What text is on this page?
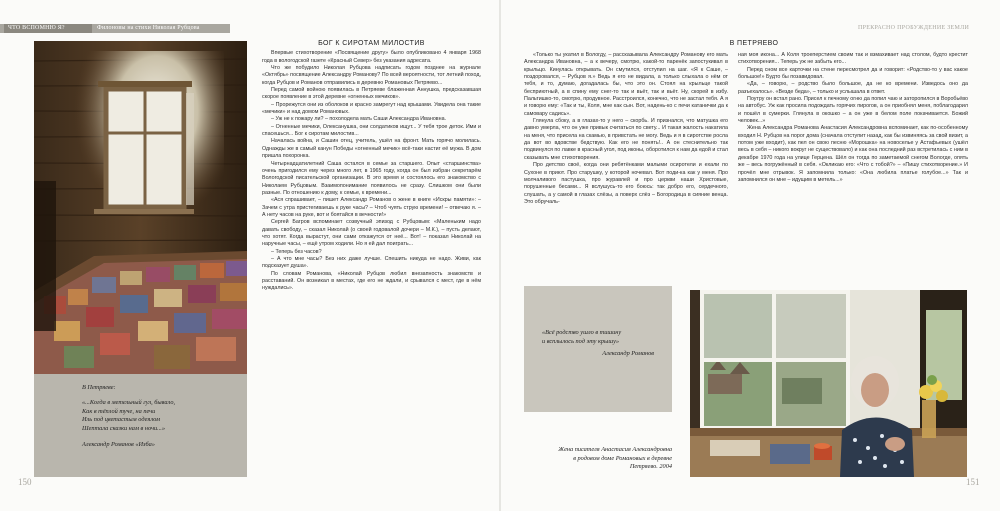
ЧТО ВСПОМНЮ Я?	Филоновы на стихи Николая Рубцова	ПРЕКРАСНО ПРОБУЖДЕНИЕ ЗЕМЛИ
В Петряеве:
«...Когда в метельный гул, бывало,
Как в тёплой туче, на печи
Иль под цветастым одеялом
Шептала сказки нам в ночи...»
Александр Романов «Изба»
150	151

БОГ К СИРОТАМ МИЛОСТИВ

Впервые стихотворение «Посвящение другу» было опубликовано 4 января 1968 года в вологодской газете «Красный Север» без указания адресата.

Что же побудило Николая Рубцова надписать годом позднее на журнале «Октябрь» посвящение Александру Романову? По всей вероятности, тот летний поход, когда Рубцов и Романов отправились в деревню Романовых Петряево...

Перед самой войною появилась в Петряеве блаженная Аннушка, предсказавшая скорое появление в этой деревне «огненных мечиков».

– Прорежутся они из оболоков и красно замрегут над крышами. Увидела она такие «мечики» и над домом Романовых.

– Уж не к пожару ли? – похолодела мать Саши Александра Ивановна.

– Огненные мечики, Олексанушка, они солдатиков ищут... У тебя трое деток. Ими и спасешься... Бог к сиротам милостив...

Началась война, и Сашин отец, учитель, ушёл на фронт. Мать горячо молилась. Однажды же в самый канун Победы «огненный мечик» всё-таки настиг её мужа. В дом пришла похоронка.

Четырнадцатилетний Саша остался в семье за старшего. Опыт «старшинства» очень пригодился ему через много лет, в 1965 году, когда он был избран секретарём Вологодской писательской организации. В это время и состоялось его знакомство с Николаем Рубцовым. Взаимопонимание появилось не сразу. Слишком они были разные. По отношению к дому, к семье, к времени...

«Ася спрашивает, – пишет Александр Романов о жене в книге «Искры памяти»: – Зачем с утра пристегиваешь к руке часы? – Чтоб чуять струю времени! – отвечаю я. – А нету часов на руке, вот и боятайся в вечности!»

Сергей Багров вспоминает созвучный эпизод с Рубцовым: «Маленьким надо давать свободу, – сказал Николай (о своей годовалой дочери – М.К.), – пусть делают, что хотят. Когда вырастут, они сами откажутся от неё... Вот! – показал Николай на наручные часы, – ещё утром ходили. Но я ей дал поиграть...

– Теперь без часов?

– А что мне часы? Без них даже лучше. Спешить никуда не надо. Живи, как подсказует душа».

По словам Романова, «Николай Рубцов любил внезапность знакомств и расставаний. Он возникал в местах, где его не ждали, и срывался с мест, где в нём нуждались».

В ПЕТРЯЕВО

«Только ты укатил в Вологду, – рассказывала Александру Романову его мать Александра Ивановна, – а к вечеру, смотрю, какой-то паренёк запостукивал в крыльцо. Кинулась открывать. Он смутился, отступил на шаг. «Я к Саше, – поздоровался, – Рубцов я.» Ведь я его не видала, а только слыхала о нём от тебя, и то, думаю, догадалась бы, что это он. Стоял на крыльце такой бесприютный, а в спину ему снег-то так и вьёт, так и вьёт. Ну, скорей в избу. Пальтишко-то, смотрю, продувное. Расстроился, конечно, что не застал тебя. А я и говорю ему: «Так и ты, Коля, мне как сын. Вот, надень-ко с печи катанички да к самовару садись».

Глянула сбоку, а в глазах-то у него – скорбь. И признался, что матушка его давно умерла, что он уже привык считаться по свету... И такая жалость накатила на меня, что присела на скамью, в привстать не могу. Ведь и я в сиротстве росла да вот во вдовстве бедствую. Как его не понять!.. А он стеснительно так подвинулся по лавке в красный угол, под иконы, оборотился к нам да едой и стал сказывать мне стихотворения.

Про детство своё, когда они ребятёнками малыми осиротели и ехали по Сухоне в приют. Про старушку, у которой ночевал. Вот поди-ка как у меня. Про молчаливого пастушка, про журавлей и про церкви наши Христовые, порушенные бесами... Я вслушусь-то его боюсь: так добро его, сердечного, слушать, а у самой в глазах слёзы, а поверх слёз – Богородица в сияние венца. Это обручаль-

ная моя икона... А Коля троеперстием своим так и взмахивает над столом, будто крестит стихотворения... Теперь уж не забыть его...

Перед сном все карточки на стене пересмотрел да и говорит: «Родство-то у вас какое большое!» Будто бы позавидовал.

«Да, – говорю, – родство было большое, да не ко времени. Изведось оно да разъехалось». «Везде беда», – только и услышала в ответ.

Поутру он встал рано. Присел к печному огню да попил чаю и заторопился в Воробьёво на автобус. Уж как просила подождать горячих пирогов, а он приобнял меня, поблагодарил и пошёл в сумерки. Глянула в окошко – а он уже в белом поле покачивается. Божий человек...»

Жена Александра Романова Анастасия Александровна вспоминает, как по-особенному входил Н. Рубцов на порог дома (сначала отступит назад, как бы извиняясь за свой визит, а потом уже входит), как пел он свою песню «Морошка» на новоселье у Астафьевых (ушёл весь в себя – никого вокруг не существовало) и как она последний раз встретилась с ним в декабре 1970 года на улице Герцена. Шёл он тогда по заметаемой снегом Вологде, опять же – весь погружённый в себя. «Окликаю его: «Что с тобой?» – «Пишу стихотворение.» И прочёл мне отрывок. Я запомнила только: «Она любила платье голубое...» Так и запомнился он мне – идущим в метель...»

«Всё родство ушло в тишину
и всплылось под эту крышу»
Александр Романов
Жена писателя Анастасия Александровна
в родовом доме Романовых в деревне
Петряево. 2004
